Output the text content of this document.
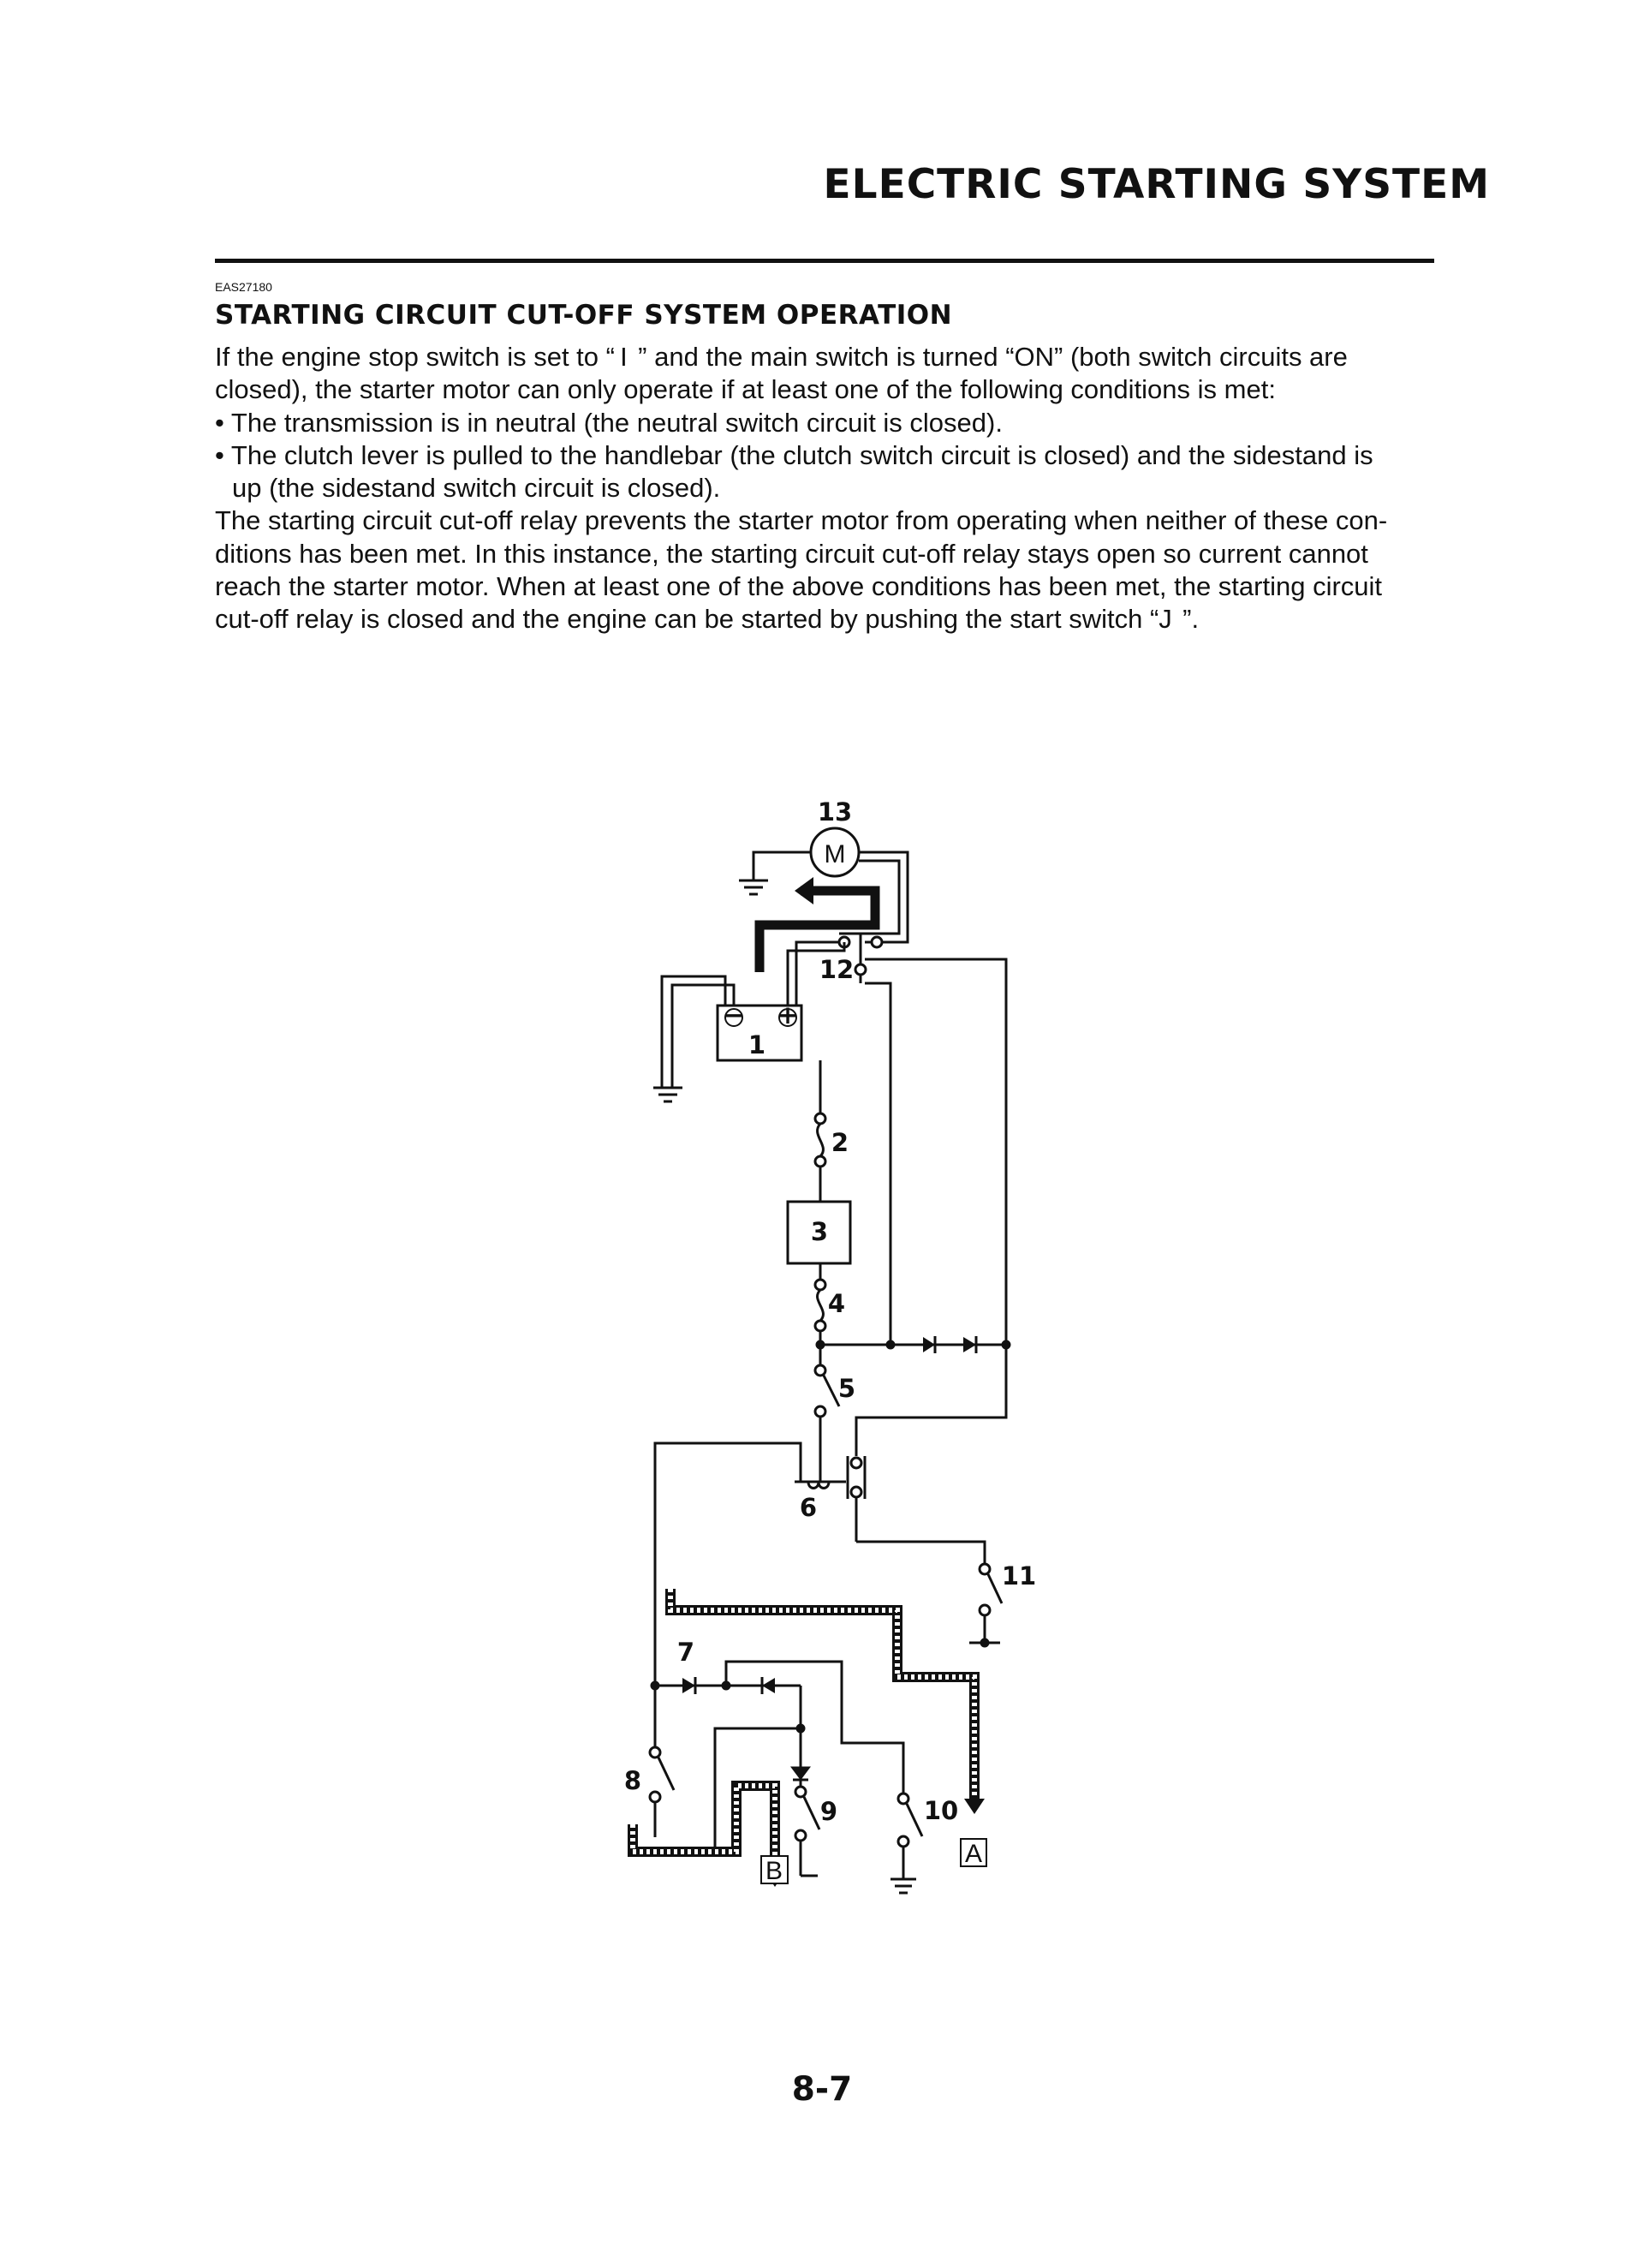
ELECTRIC STARTING SYSTEM
EAS27180
STARTING CIRCUIT CUT-OFF SYSTEM OPERATION
If the engine stop switch is set to “ I  ” and the main switch is turned “ON” (both switch circuits are
closed), the starter motor can only operate if at least one of the following conditions is met:
• The transmission is in neutral (the neutral switch circuit is closed).
• The clutch lever is pulled to the handlebar (the clutch switch circuit is closed) and the sidestand is
up (the sidestand switch circuit is closed).
The starting circuit cut-off relay prevents the starter motor from operating when neither of these con-
ditions has been met. In this instance, the starting circuit cut-off relay stays open so current cannot
reach the starter motor. When at least one of the above conditions has been met, the starting circuit
cut-off relay is closed and the engine can be started by pushing the start switch “J  ”.
M
− +
A
B
13
12
1
2
3
4
5
6
11
7
8
9	10
8-7
